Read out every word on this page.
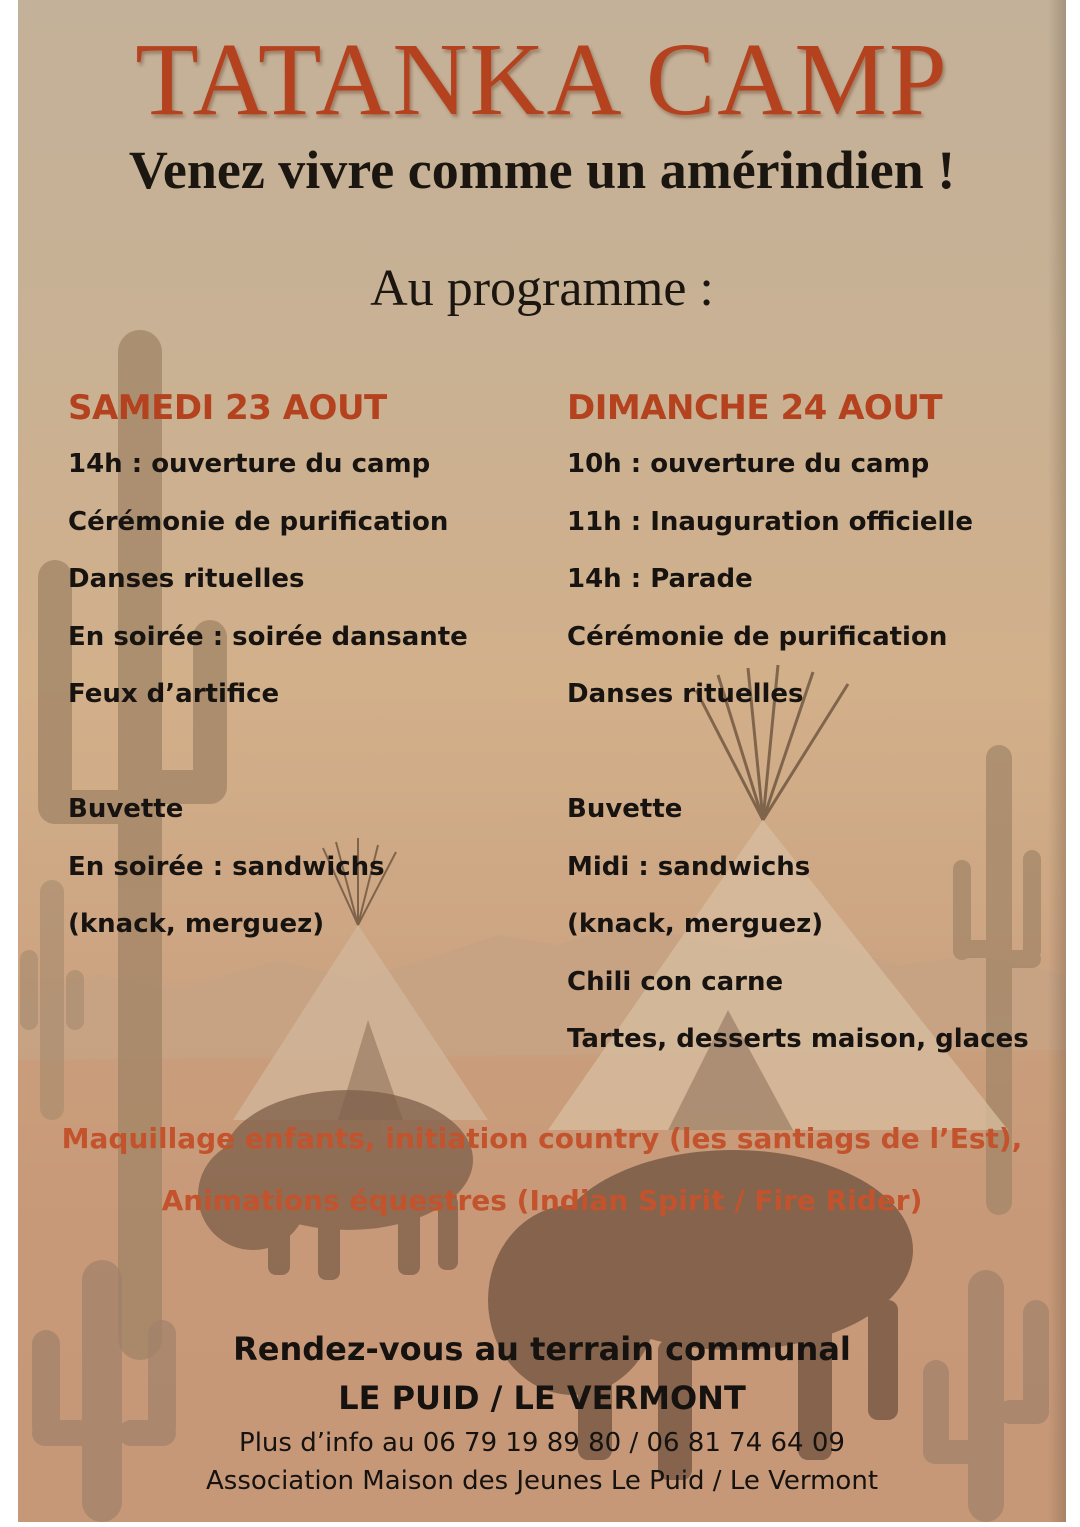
TATANKA CAMP
Venez vivre comme un amérindien !
Au programme :
SAMEDI 23 AOUT
14h : ouverture du camp
Cérémonie de purification
Danses rituelles
En soirée : soirée dansante
Feux d’artifice
Buvette
En soirée : sandwichs
(knack, merguez)
DIMANCHE 24 AOUT
10h : ouverture du camp
11h : Inauguration officielle
14h : Parade
Cérémonie de purification
Danses rituelles
Buvette
Midi : sandwichs
(knack, merguez)
Chili con carne
Tartes, desserts maison, glaces
Maquillage enfants, initiation country (les santiags de l’Est),
Animations équestres (Indian Spirit / Fire Rider)
Rendez-vous au terrain communal
LE PUID / LE VERMONT
Plus d’info au 06 79 19 89 80 / 06 81 74 64 09
Association Maison des Jeunes Le Puid / Le Vermont
